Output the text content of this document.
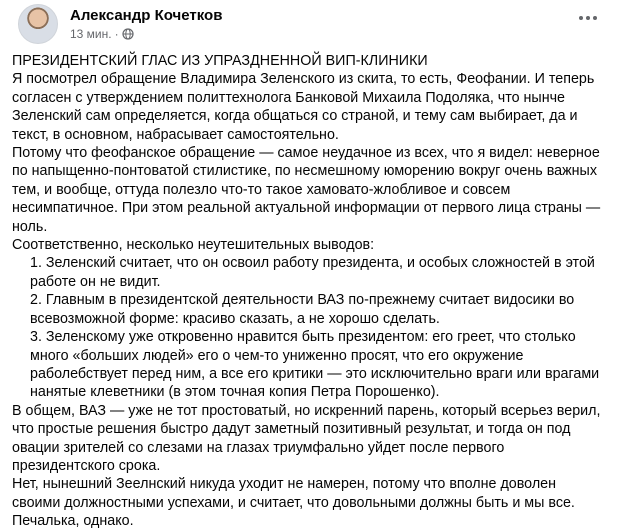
Александр Кочетков
13 мин. ·

ПРЕЗИДЕНТСКИЙ ГЛАС ИЗ УПРАЗДНЕННОЙ ВИП-КЛИНИКИ

Я посмотрел обращение Владимира Зеленского из скита, то есть, Феофании. И теперь согласен с утверждением политтехнолога Банковой Михаила Подоляка, что нынче Зеленский сам определяется, когда общаться со страной, и тему сам выбирает, да и текст, в основном, набрасывает самостоятельно.

Потому что феофанское обращение — самое неудачное из всех, что я видел: неверное по напыщенно-понтоватой стилистике, по несмешному юморению вокруг очень важных тем, и вообще, оттуда полезло что-то такое хамовато-жлобливое и совсем несимпатичное. При этом реальной актуальной информации от первого лица страны — ноль.

Соответственно, несколько неутешительных выводов:

1. Зеленский считает, что он освоил работу президента, и особых сложностей в этой работе он не видит.

2. Главным в президентской деятельности ВАЗ по-прежнему считает видосики во всевозможной форме: красиво сказать, а не хорошо сделать.

3. Зеленскому уже откровенно нравится быть президентом: его греет, что столько много «больших людей» его о чем-то униженно просят, что его окружение раболебствует перед ним, а все его критики — это исключительно враги или врагами нанятые клеветники (в этом точная копия Петра Порошенко).

В общем, ВАЗ — уже не тот простоватый, но искренний парень, который всерьез верил, что простые решения быстро дадут заметный позитивный результат, и тогда он под овации зрителей со слезами на глазах триумфально уйдет после первого президентского срока.

Нет, нынешний Зеелнский никуда уходит не намерен, потому что вполне доволен своими должностными успехами, и считает, что довольными должны быть и мы все.

Печалька, однако.
